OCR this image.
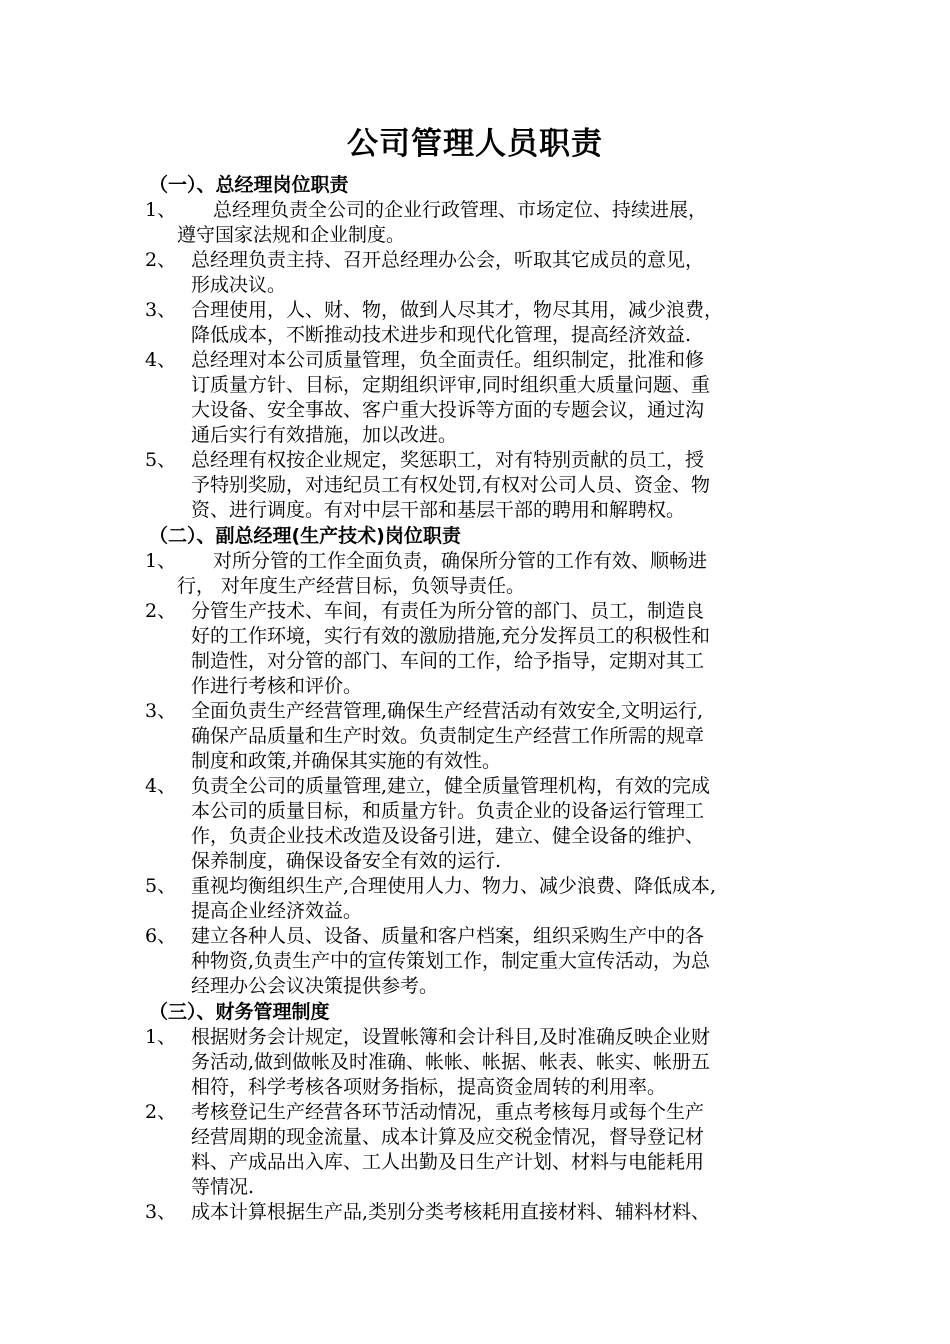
公司管理人员职责
（一）、总经理岗位职责
1、	总经理负责全公司的企业行政管理、市场定位、持续进展，
遵守国家法规和企业制度。
2、 总经理负责主持、召开总经理办公会，听取其它成员的意见，
形成决议。
3、 合理使用，人、财、物，做到人尽其才，物尽其用，减少浪费，
降低成本，不断推动技术进步和现代化管理，提高经济效益.
4、 总经理对本公司质量管理，负全面责任。组织制定，批准和修
订质量方针、目标，定期组织评审,同时组织重大质量问题、重
大设备、安全事故、客户重大投诉等方面的专题会议，通过沟
通后实行有效措施，加以改进。
5、 总经理有权按企业规定，奖惩职工，对有特别贡献的员工，授
予特别奖励，对违纪员工有权处罚,有权对公司人员、资金、物
资、进行调度。有对中层干部和基层干部的聘用和解聘权。
（二）、副总经理(生产技术)岗位职责
1、	对所分管的工作全面负责，确保所分管的工作有效、顺畅进
行， 对年度生产经营目标，负领导责任。
2、 分管生产技术、车间，有责任为所分管的部门、员工，制造良
好的工作环境，实行有效的激励措施,充分发挥员工的积极性和
制造性，对分管的部门、车间的工作，给予指导，定期对其工
作进行考核和评价。
3、 全面负责生产经营管理,确保生产经营活动有效安全,文明运行,
确保产品质量和生产时效。负责制定生产经营工作所需的规章
制度和政策,并确保其实施的有效性。
4、 负责全公司的质量管理,建立，健全质量管理机构，有效的完成
本公司的质量目标，和质量方针。负责企业的设备运行管理工
作，负责企业技术改造及设备引进，建立、健全设备的维护、
保养制度，确保设备安全有效的运行.
5、 重视均衡组织生产,合理使用人力、物力、减少浪费、降低成本,
提高企业经济效益。
6、 建立各种人员、设备、质量和客户档案，组织采购生产中的各
种物资,负责生产中的宣传策划工作，制定重大宣传活动，为总
经理办公会议决策提供参考。
（三）、财务管理制度
1、 根据财务会计规定，设置帐簿和会计科目,及时准确反映企业财
务活动,做到做帐及时准确、帐帐、帐据、帐表、帐实、帐册五
相符，科学考核各项财务指标，提高资金周转的利用率。
2、 考核登记生产经营各环节活动情况，重点考核每月或每个生产
经营周期的现金流量、成本计算及应交税金情况，督导登记材
料、产成品出入库、工人出勤及日生产计划、材料与电能耗用
等情况.
3、 成本计算根据生产品,类别分类考核耗用直接材料、辅料材料、
